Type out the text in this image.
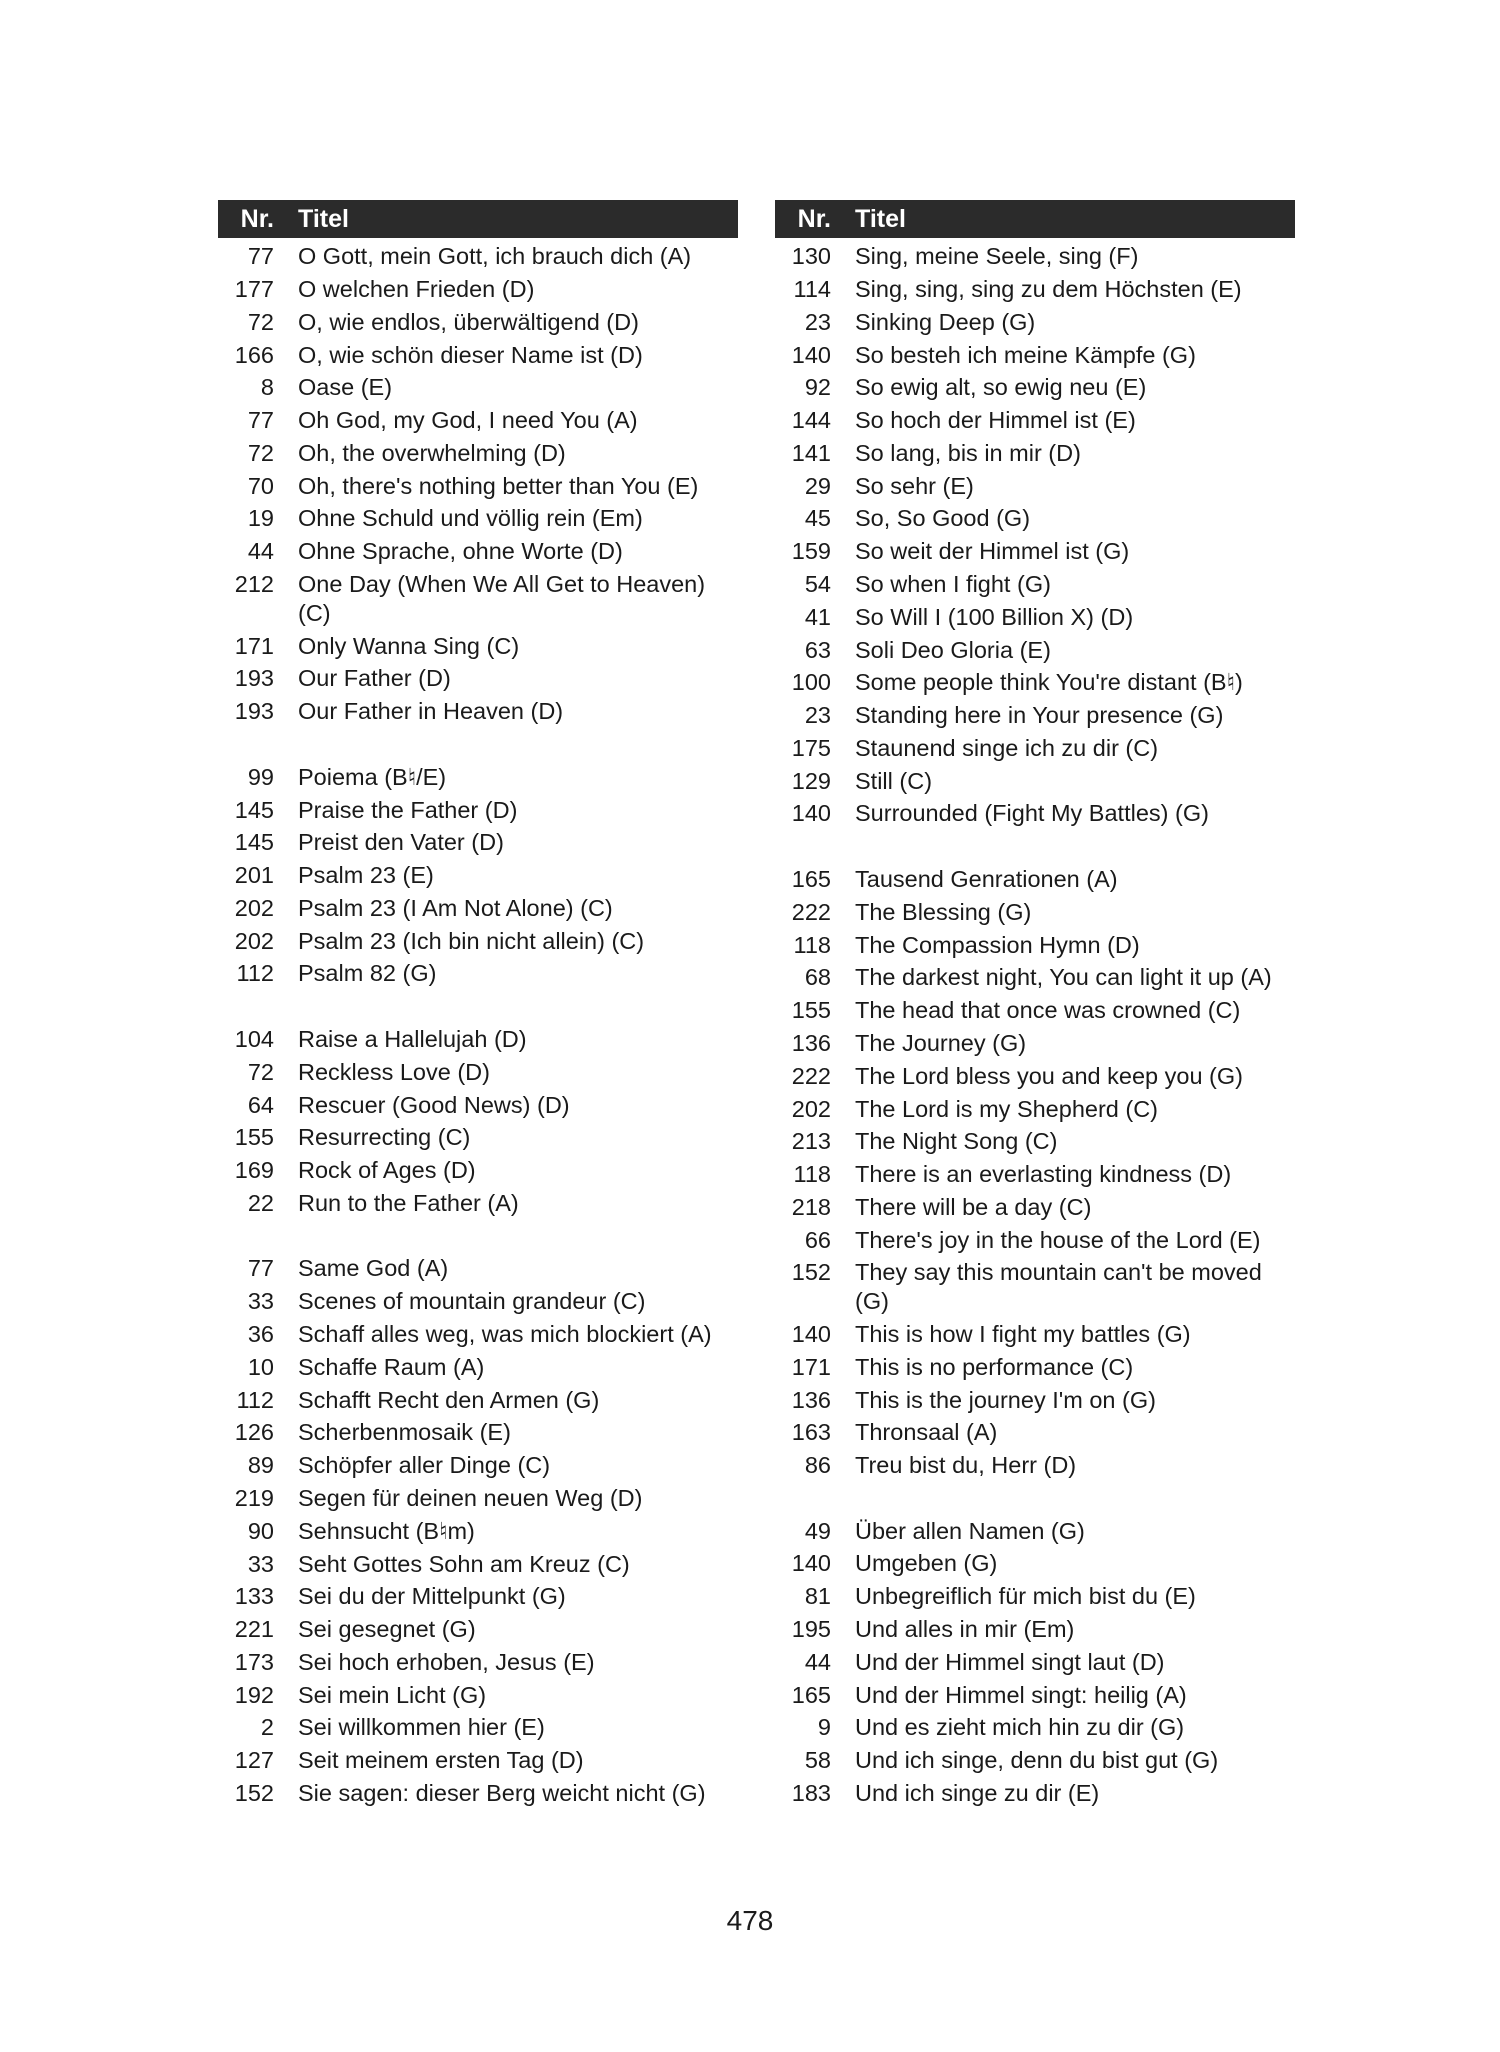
Nr. Titel
77	O Gott, mein Gott, ich brauch dich (A)
177	O welchen Frieden (D)
72	O, wie endlos, überwältigend (D)
166	O, wie schön dieser Name ist (D)
8	Oase (E)
77	Oh God, my God, I need You (A)
72	Oh, the overwhelming (D)
70	Oh, there's nothing better than You (E)
19	Ohne Schuld und völlig rein (Em)
44	Ohne Sprache, ohne Worte (D)
212	One Day (When We All Get to Heaven) (C)
171	Only Wanna Sing (C)
193	Our Father (D)
193	Our Father in Heaven (D)
99	Poiema (B♮/E)
145	Praise the Father (D)
145	Preist den Vater (D)
201	Psalm 23 (E)
202	Psalm 23 (I Am Not Alone) (C)
202	Psalm 23 (Ich bin nicht allein) (C)
112	Psalm 82 (G)
104	Raise a Hallelujah (D)
72	Reckless Love (D)
64	Rescuer (Good News) (D)
155	Resurrecting (C)
169	Rock of Ages (D)
22	Run to the Father (A)
77	Same God (A)
33	Scenes of mountain grandeur (C)
36	Schaff alles weg, was mich blockiert (A)
10	Schaffe Raum (A)
112	Schafft Recht den Armen (G)
126	Scherbenmosaik (E)
89	Schöpfer aller Dinge (C)
219	Segen für deinen neuen Weg (D)
90	Sehnsucht (B♮m)
33	Seht Gottes Sohn am Kreuz (C)
133	Sei du der Mittelpunkt (G)
221	Sei gesegnet (G)
173	Sei hoch erhoben, Jesus (E)
192	Sei mein Licht (G)
2	Sei willkommen hier (E)
127	Seit meinem ersten Tag (D)
152	Sie sagen: dieser Berg weicht nicht (G)
Nr. Titel
130	Sing, meine Seele, sing (F)
114	Sing, sing, sing zu dem Höchsten (E)
23	Sinking Deep (G)
140	So besteh ich meine Kämpfe (G)
92	So ewig alt, so ewig neu (E)
144	So hoch der Himmel ist (E)
141	So lang, bis in mir (D)
29	So sehr (E)
45	So, So Good (G)
159	So weit der Himmel ist (G)
54	So when I fight (G)
41	So Will I (100 Billion X) (D)
63	Soli Deo Gloria (E)
100	Some people think You're distant (B♮)
23	Standing here in Your presence (G)
175	Staunend singe ich zu dir (C)
129	Still (C)
140	Surrounded (Fight My Battles) (G)
165	Tausend Genrationen (A)
222	The Blessing (G)
118	The Compassion Hymn (D)
68	The darkest night, You can light it up (A)
155	The head that once was crowned (C)
136	The Journey (G)
222	The Lord bless you and keep you (G)
202	The Lord is my Shepherd (C)
213	The Night Song (C)
118	There is an everlasting kindness (D)
218	There will be a day (C)
66	There's joy in the house of the Lord (E)
152	They say this mountain can't be moved (G)
140	This is how I fight my battles (G)
171	This is no performance (C)
136	This is the journey I'm on (G)
163	Thronsaal (A)
86	Treu bist du, Herr (D)
49	Über allen Namen (G)
140	Umgeben (G)
81	Unbegreiflich für mich bist du (E)
195	Und alles in mir (Em)
44	Und der Himmel singt laut (D)
165	Und der Himmel singt: heilig (A)
9	Und es zieht mich hin zu dir (G)
58	Und ich singe, denn du bist gut (G)
183	Und ich singe zu dir (E)
478
